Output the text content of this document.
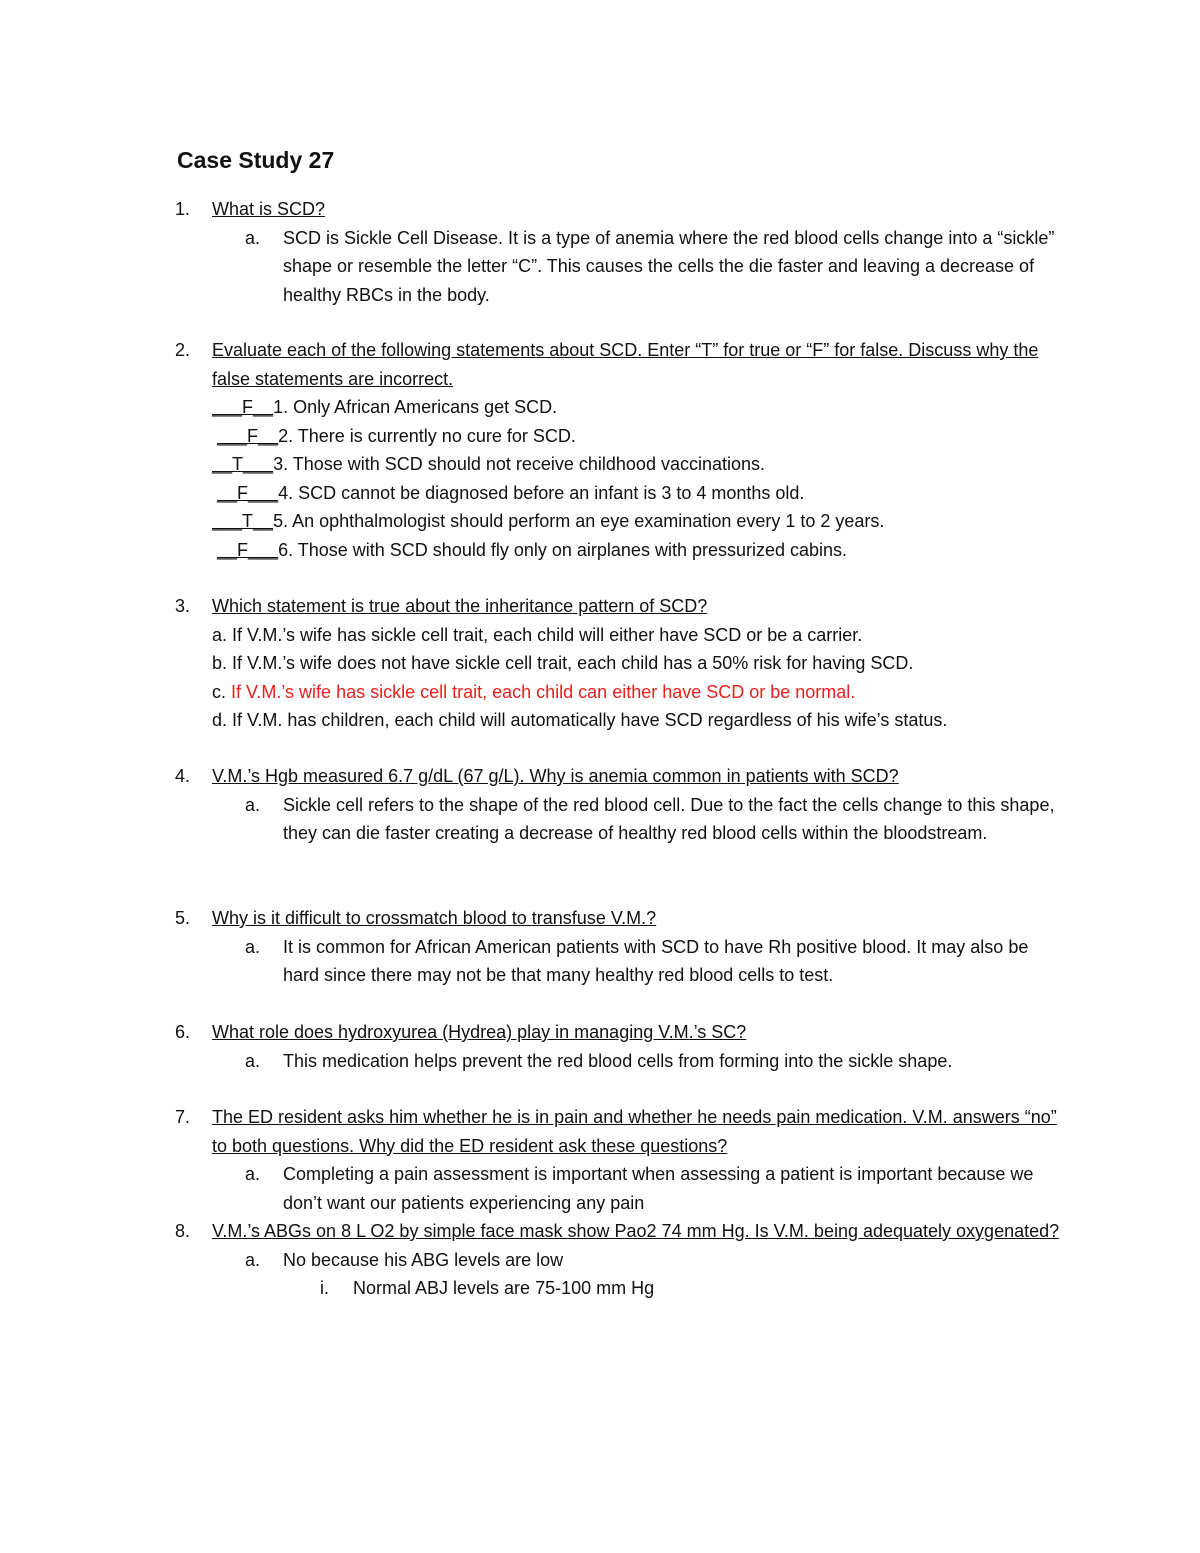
Case Study 27
1. What is SCD?
a. SCD is Sickle Cell Disease. It is a type of anemia where the red blood cells change into a “sickle” shape or resemble the letter “C”. This causes the cells the die faster and leaving a decrease of healthy RBCs in the body.
2. Evaluate each of the following statements about SCD. Enter “T” for true or “F” for false. Discuss why the false statements are incorrect.
___F__1. Only African Americans get SCD.
___F__2. There is currently no cure for SCD.
__T___3. Those with SCD should not receive childhood vaccinations.
__F___4. SCD cannot be diagnosed before an infant is 3 to 4 months old.
___T__5. An ophthalmologist should perform an eye examination every 1 to 2 years.
__F___6. Those with SCD should fly only on airplanes with pressurized cabins.
3. Which statement is true about the inheritance pattern of SCD?
a. If V.M.’s wife has sickle cell trait, each child will either have SCD or be a carrier.
b. If V.M.’s wife does not have sickle cell trait, each child has a 50% risk for having SCD.
c. If V.M.’s wife has sickle cell trait, each child can either have SCD or be normal.
d. If V.M. has children, each child will automatically have SCD regardless of his wife’s status.
4. V.M.’s Hgb measured 6.7 g/dL (67 g/L). Why is anemia common in patients with SCD?
a. Sickle cell refers to the shape of the red blood cell. Due to the fact the cells change to this shape, they can die faster creating a decrease of healthy red blood cells within the bloodstream.
5. Why is it difficult to crossmatch blood to transfuse V.M.?
a. It is common for African American patients with SCD to have Rh positive blood. It may also be hard since there may not be that many healthy red blood cells to test.
6. What role does hydroxyurea (Hydrea) play in managing V.M.’s SC?
a. This medication helps prevent the red blood cells from forming into the sickle shape.
7. The ED resident asks him whether he is in pain and whether he needs pain medication. V.M. answers “no” to both questions. Why did the ED resident ask these questions?
a. Completing a pain assessment is important when assessing a patient is important because we don’t want our patients experiencing any pain
8. V.M.’s ABGs on 8 L O2 by simple face mask show Pao2 74 mm Hg. Is V.M. being adequately oxygenated?
a. No because his ABG levels are low
i. Normal ABJ levels are 75-100 mm Hg
